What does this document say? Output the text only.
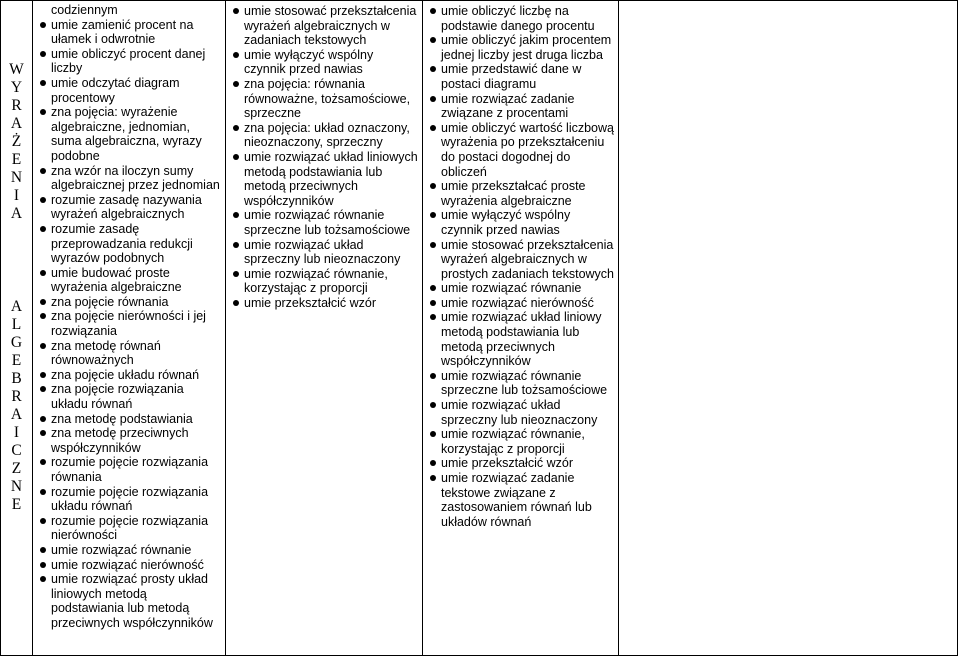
W
Y
R
A
Ż
E
N
I
A
A
L
G
E
B
R
A
I
C
Z
N
E
codziennym
umie zamienić procent na ułamek i odwrotnie
umie obliczyć procent danej liczby
umie odczytać diagram procentowy
zna pojęcia: wyrażenie algebraiczne, jednomian, suma algebraiczna, wyrazy podobne
zna wzór na iloczyn sumy algebraicznej przez jednomian
rozumie zasadę nazywania wyrażeń algebraicznych
rozumie zasadę przeprowadzania redukcji wyrazów podobnych
umie budować proste wyrażenia algebraiczne
zna pojęcie równania
zna pojęcie nierówności i jej rozwiązania
zna metodę równań równoważnych
zna pojęcie układu równań
zna pojęcie rozwiązania układu równań
zna metodę podstawiania
zna metodę przeciwnych współczynników
rozumie pojęcie rozwiązania równania
rozumie pojęcie rozwiązania układu równań
rozumie pojęcie rozwiązania nierówności
umie rozwiązać równanie
umie rozwiązać nierówność
umie rozwiązać prosty układ liniowych metodą podstawiania lub metodą przeciwnych współczynników
umie stosować przekształcenia wyrażeń algebraicznych w zadaniach tekstowych
umie wyłączyć wspólny czynnik przed nawias
zna pojęcia: równania równoważne, tożsamościowe, sprzeczne
zna pojęcia: układ oznaczony, nieoznaczony, sprzeczny
umie rozwiązać układ liniowych metodą podstawiania lub metodą przeciwnych współczynników
umie rozwiązać równanie sprzeczne lub tożsamościowe
umie rozwiązać układ sprzeczny lub nieoznaczony
umie rozwiązać równanie, korzystając z proporcji
umie przekształcić wzór
umie obliczyć liczbę na podstawie danego procentu
umie obliczyć jakim procentem jednej liczby jest druga liczba
umie przedstawić dane w postaci diagramu
umie rozwiązać zadanie związane z procentami
umie obliczyć wartość liczbową wyrażenia po przekształceniu do postaci dogodnej do obliczeń
umie przekształcać proste wyrażenia algebraiczne
umie wyłączyć wspólny czynnik przed nawias
umie stosować przekształcenia wyrażeń algebraicznych w prostych zadaniach tekstowych
umie rozwiązać równanie
umie rozwiązać nierówność
umie rozwiązać układ liniowy metodą podstawiania lub metodą przeciwnych współczynników
umie rozwiązać równanie sprzeczne lub tożsamościowe
umie rozwiązać układ sprzeczny lub nieoznaczony
umie rozwiązać równanie, korzystając z proporcji
umie przekształcić wzór
umie rozwiązać zadanie tekstowe związane z zastosowaniem równań lub układów równań
